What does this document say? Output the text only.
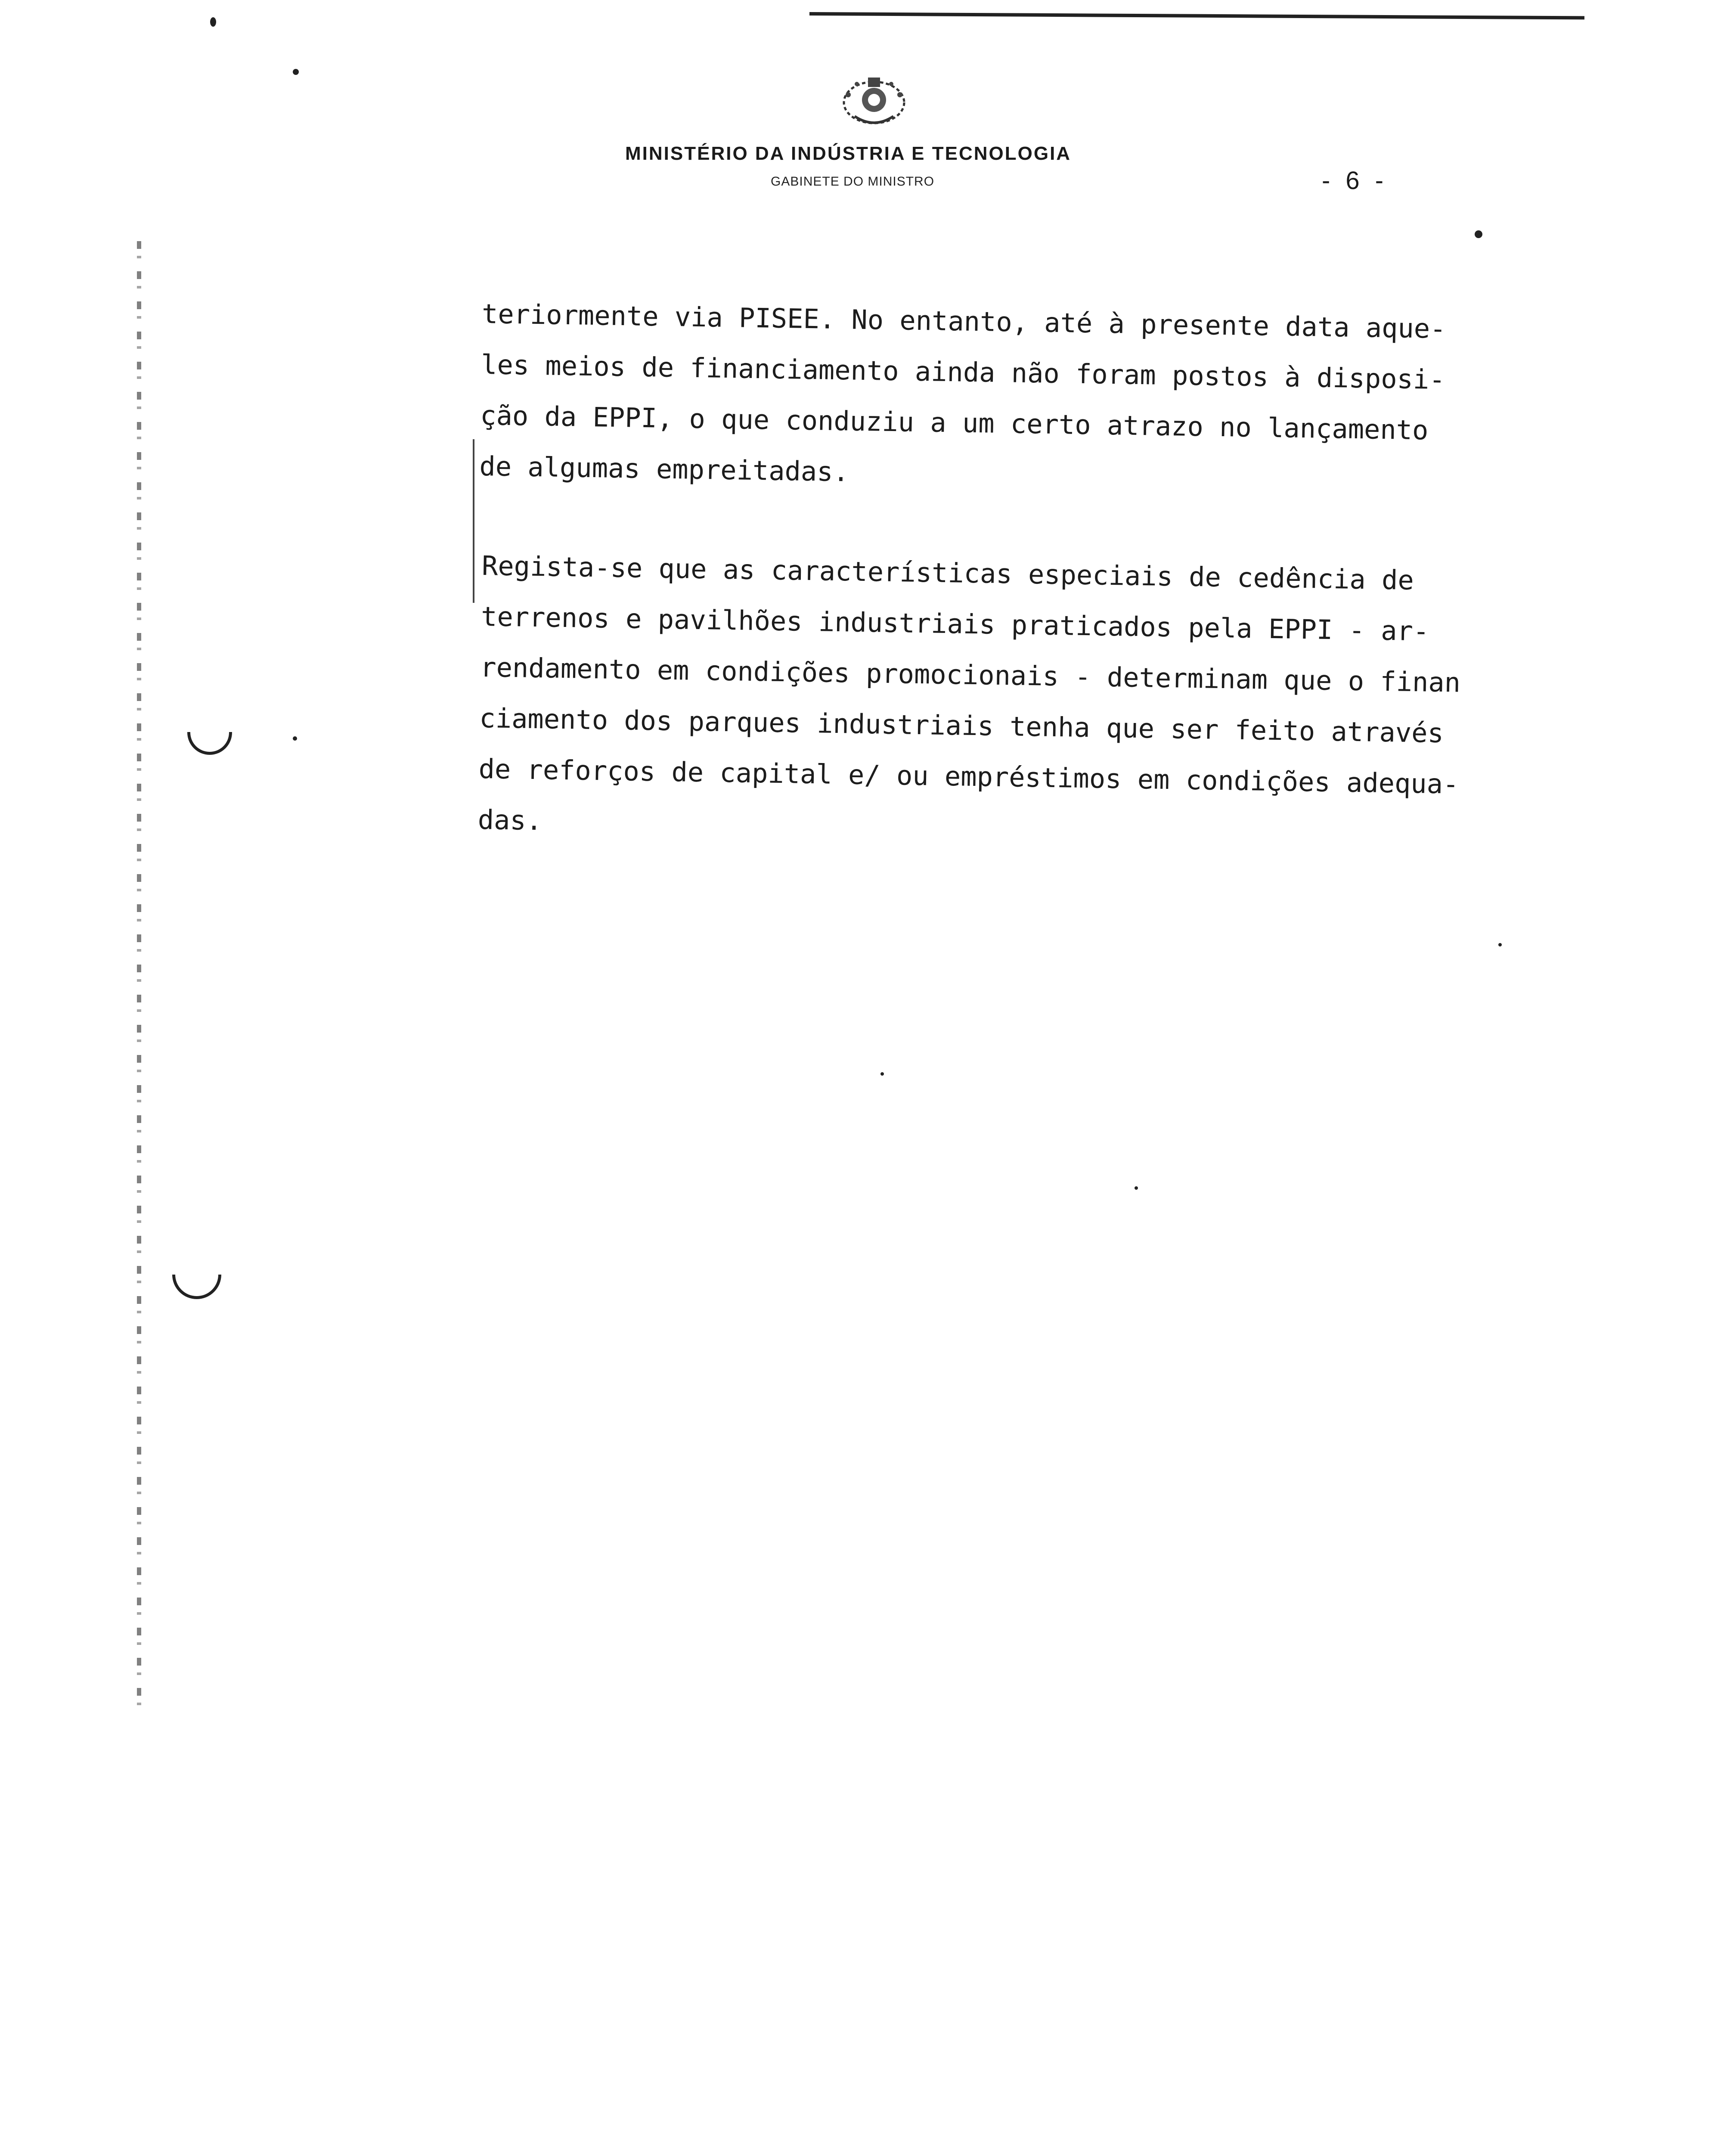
MINISTÉRIO DA INDÚSTRIA E TECNOLOGIA
GABINETE DO MINISTRO	- 6 -
teriormente via PISEE. No entanto, até à presente data aque-
les meios de financiamento ainda não foram postos à disposi-
ção da EPPI, o que conduziu a um certo atrazo no lançamento
de algumas empreitadas.
Regista-se que as características especiais de cedência de
terrenos e pavilhões industriais praticados pela EPPI - ar-
rendamento em condições promocionais - determinam que o finan
ciamento dos parques industriais tenha que ser feito através
de reforços de capital e/ ou empréstimos em condições adequa-
das.
